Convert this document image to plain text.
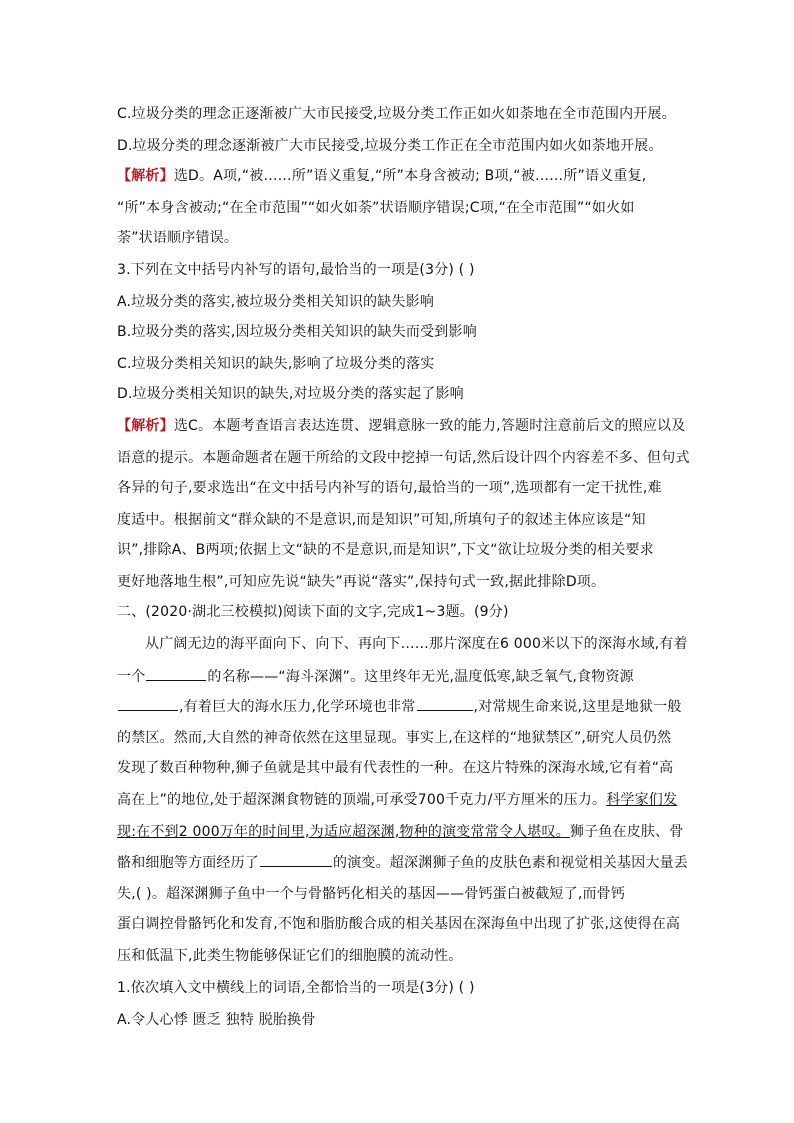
C.垃圾分类的理念正逐渐被广大市民接受,垃圾分类工作正如火如荼地在全市范围内开展。
D.垃圾分类的理念逐渐被广大市民接受,垃圾分类工作正在全市范围内如火如荼地开展。
【解析】选D。A项,“被……所”语义重复,“所”本身含被动; B项,“被……所”语义重复,
“所”本身含被动;“在全市范围”“如火如荼”状语顺序错误;C项,“在全市范围”“如火如
荼”状语顺序错误。
3.下列在文中括号内补写的语句,最恰当的一项是(3分) ( )
A.垃圾分类的落实,被垃圾分类相关知识的缺失影响
B.垃圾分类的落实,因垃圾分类相关知识的缺失而受到影响
C.垃圾分类相关知识的缺失,影响了垃圾分类的落实
D.垃圾分类相关知识的缺失,对垃圾分类的落实起了影响
【解析】选C。本题考查语言表达连贯、逻辑意脉一致的能力,答题时注意前后文的照应以及
语意的提示。本题命题者在题干所给的文段中挖掉一句话,然后设计四个内容差不多、但句式
各异的句子,要求选出“在文中括号内补写的语句,最恰当的一项”,选项都有一定干扰性,难
度适中。根据前文“群众缺的不是意识,而是知识”可知,所填句子的叙述主体应该是“知
识”,排除A、B两项;依据上文“缺的不是意识,而是知识”,下文“欲让垃圾分类的相关要求
更好地落地生根”,可知应先说“缺失”再说“落实”,保持句式一致,据此排除D项。
二、(2020·湖北三校模拟)阅读下面的文字,完成1~3题。(9分)
从广阔无边的海平面向下、向下、再向下……那片深度在6 000米以下的深海水域,有着
一个	的名称——“海斗深渊”。这里终年无光,温度低寒,缺乏氧气,食物资源
,有着巨大的海水压力,化学环境也非常	,对常规生命来说,这里是地狱一般
的禁区。然而,大自然的神奇依然在这里显现。事实上,在这样的“地狱禁区”,研究人员仍然
发现了数百种物种,狮子鱼就是其中最有代表性的一种。在这片特殊的深海水域,它有着“高
高在上”的地位,处于超深渊食物链的顶端,可承受700千克力/平方厘米的压力。科学家们发
现:在不到2 000万年的时间里,为适应超深渊,物种的演变常常令人堪叹。狮子鱼在皮肤、骨
骼和细胞等方面经历了	的演变。超深渊狮子鱼的皮肤色素和视觉相关基因大量丢
失,( )。超深渊狮子鱼中一个与骨骼钙化相关的基因——骨钙蛋白被截短了,而骨钙
蛋白调控骨骼钙化和发育,不饱和脂肪酸合成的相关基因在深海鱼中出现了扩张,这使得在高
压和低温下,此类生物能够保证它们的细胞膜的流动性。
1.依次填入文中横线上的词语,全都恰当的一项是(3分) ( )
A.令人心悸 匮乏 独特 脱胎换骨
